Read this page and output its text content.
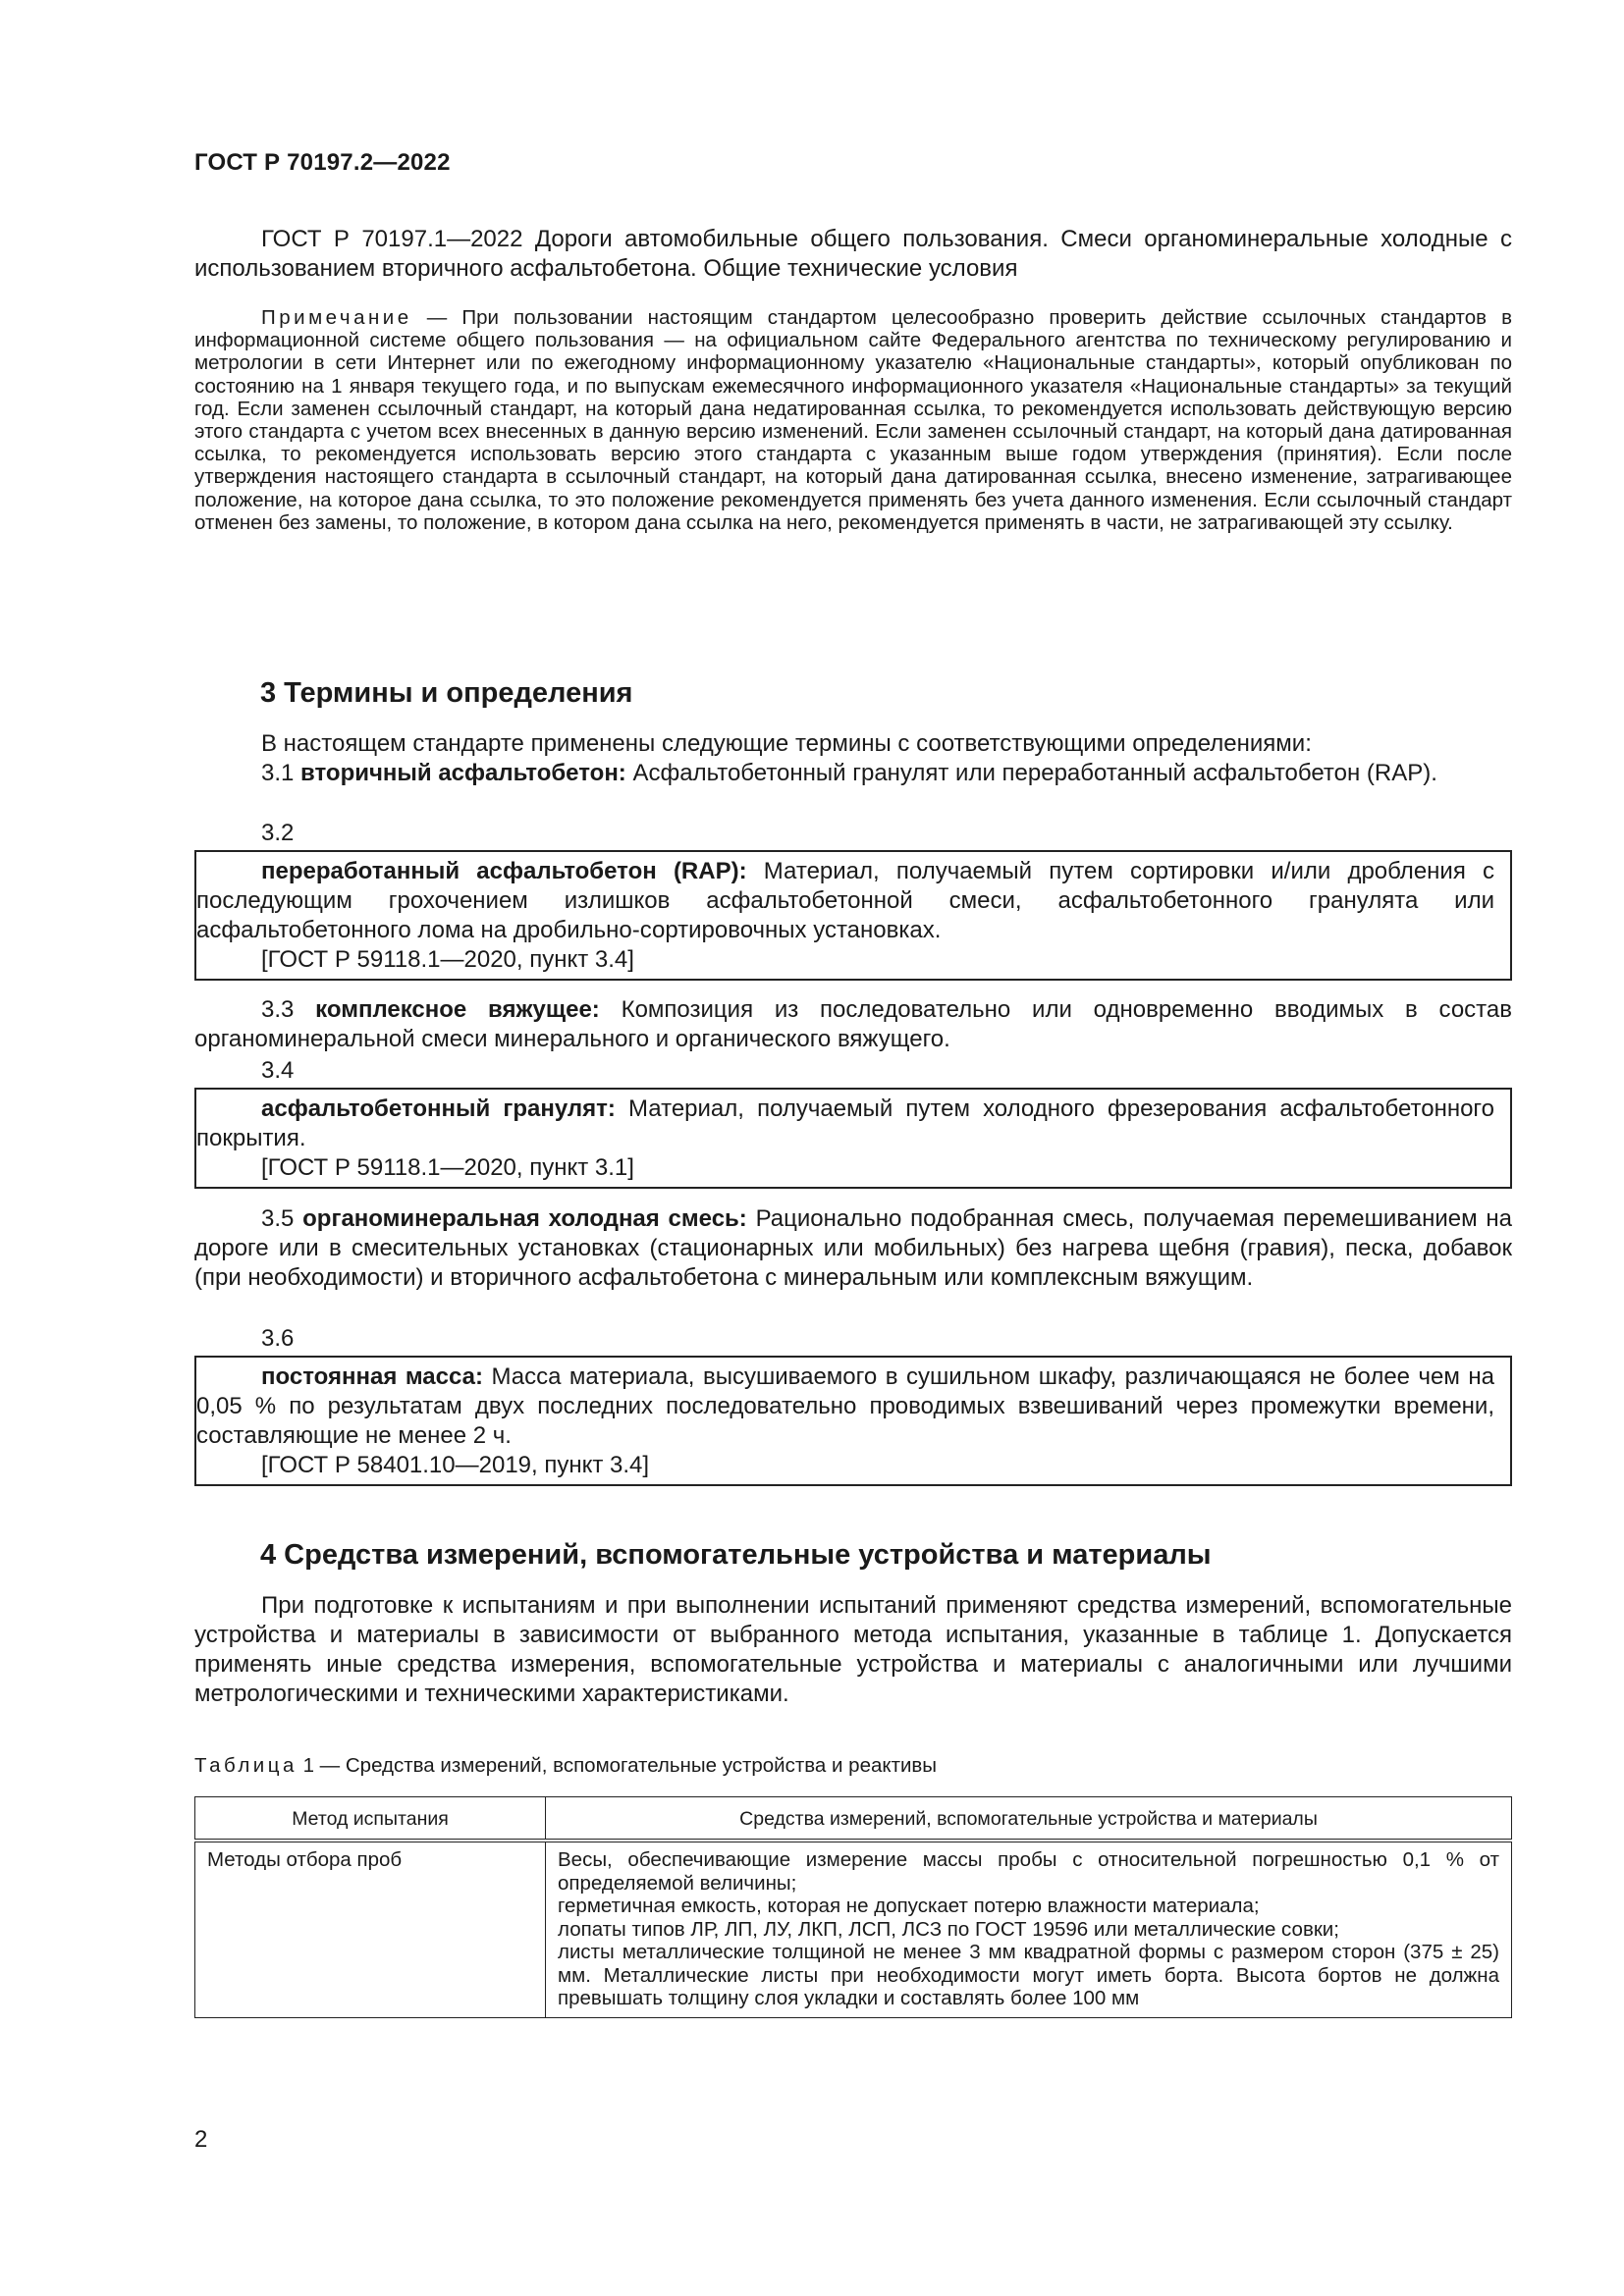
ГОСТ Р 70197.2—2022

ГОСТ Р 70197.1—2022 Дороги автомобильные общего пользования. Смеси органоминеральные холодные с использованием вторичного асфальтобетона. Общие технические условия

Примечание — При пользовании настоящим стандартом целесообразно проверить действие ссылочных стандартов в информационной системе общего пользования — на официальном сайте Федерального агентства по техническому регулированию и метрологии в сети Интернет или по ежегодному информационному указателю «Национальные стандарты», который опубликован по состоянию на 1 января текущего года, и по выпускам ежемесячного информационного указателя «Национальные стандарты» за текущий год. Если заменен ссылочный стандарт, на который дана недатированная ссылка, то рекомендуется использовать действующую версию этого стандарта с учетом всех внесенных в данную версию изменений. Если заменен ссылочный стандарт, на который дана датированная ссылка, то рекомендуется использовать версию этого стандарта с указанным выше годом утверждения (принятия). Если после утверждения настоящего стандарта в ссылочный стандарт, на который дана датированная ссылка, внесено изменение, затрагивающее положение, на которое дана ссылка, то это положение рекомендуется применять без учета данного изменения. Если ссылочный стандарт отменен без замены, то положение, в котором дана ссылка на него, рекомендуется применять в части, не затрагивающей эту ссылку.

3 Термины и определения

В настоящем стандарте применены следующие термины с соответствующими определениями:

3.1 вторичный асфальтобетон: Асфальтобетонный гранулят или переработанный асфальтобетон (RAP).

3.2

переработанный асфальтобетон (RAP): Материал, получаемый путем сортировки и/или дробления с последующим грохочением излишков асфальтобетонной смеси, асфальтобетонного гранулята или асфальтобетонного лома на дробильно-сортировочных установках.

[ГОСТ Р 59118.1—2020, пункт 3.4]

3.3 комплексное вяжущее: Композиция из последовательно или одновременно вводимых в состав органоминеральной смеси минерального и органического вяжущего.

3.4

асфальтобетонный гранулят: Материал, получаемый путем холодного фрезерования асфальтобетонного покрытия.

[ГОСТ Р 59118.1—2020, пункт 3.1]

3.5 органоминеральная холодная смесь: Рационально подобранная смесь, получаемая перемешиванием на дороге или в смесительных установках (стационарных или мобильных) без нагрева щебня (гравия), песка, добавок (при необходимости) и вторичного асфальтобетона с минеральным или комплексным вяжущим.

3.6

постоянная масса: Масса материала, высушиваемого в сушильном шкафу, различающаяся не более чем на 0,05 % по результатам двух последних последовательно проводимых взвешиваний через промежутки времени, составляющие не менее 2 ч.

[ГОСТ Р 58401.10—2019, пункт 3.4]

4 Средства измерений, вспомогательные устройства и материалы

При подготовке к испытаниям и при выполнении испытаний применяют средства измерений, вспомогательные устройства и материалы в зависимости от выбранного метода испытания, указанные в таблице 1. Допускается применять иные средства измерения, вспомогательные устройства и материалы с аналогичными или лучшими метрологическими и техническими характеристиками.

Таблица 1 — Средства измерений, вспомогательные устройства и реактивы

Метод испытания	Средства измерений, вспомогательные устройства и материалы
Методы отбора проб	Весы, обеспечивающие измерение массы пробы с относительной погрешностью 0,1 % от определяемой величины;
герметичная емкость, которая не допускает потерю влажности материала;
лопаты типов ЛР, ЛП, ЛУ, ЛКП, ЛСП, ЛСЗ по ГОСТ 19596 или металлические совки;
листы металлические толщиной не менее 3 мм квадратной формы с размером сторон (375 ± 25) мм. Металлические листы при необходимости могут иметь борта. Высота бортов не должна превышать толщину слоя укладки и составлять более 100 мм
2
